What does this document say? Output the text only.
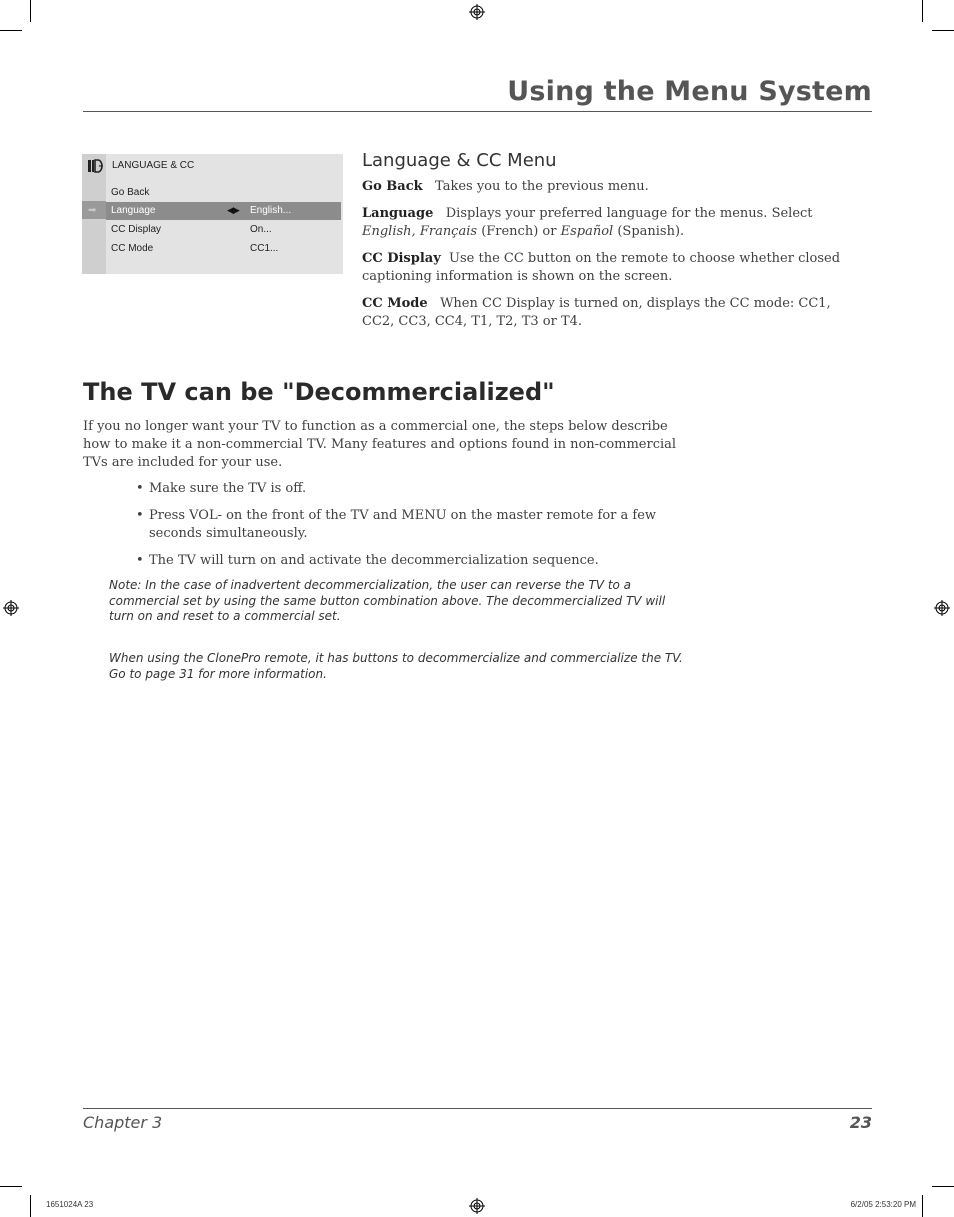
Using the Menu System
LANGUAGE & CC
Go Back
➡ Language	◀▶ English...
CC Display	On...
CC Mode	CC1...
Language & CC Menu
Go Back Takes you to the previous menu.
Language Displays your preferred language for the menus. Select English, Français (French) or Español (Spanish).
CC Display Use the CC button on the remote to choose whether closed captioning information is shown on the screen.
CC Mode When CC Display is turned on, displays the CC mode: CC1, CC2, CC3, CC4, T1, T2, T3 or T4.
The TV can be "Decommercialized"
If you no longer want your TV to function as a commercial one, the steps below describe how to make it a non-commercial TV. Many features and options found in non-commercial TVs are included for your use.
• Make sure the TV is off.
• Press VOL- on the front of the TV and MENU on the master remote for a few seconds simultaneously.
• The TV will turn on and activate the decommercialization sequence.
Note: In the case of inadvertent decommercialization, the user can reverse the TV to a commercial set by using the same button combination above. The decommercialized TV will turn on and reset to a commercial set.
When using the ClonePro remote, it has buttons to decommercialize and commercialize the TV. Go to page 31 for more information.
Chapter 3	23
1651024A 23	6/2/05 2:53:20 PM
